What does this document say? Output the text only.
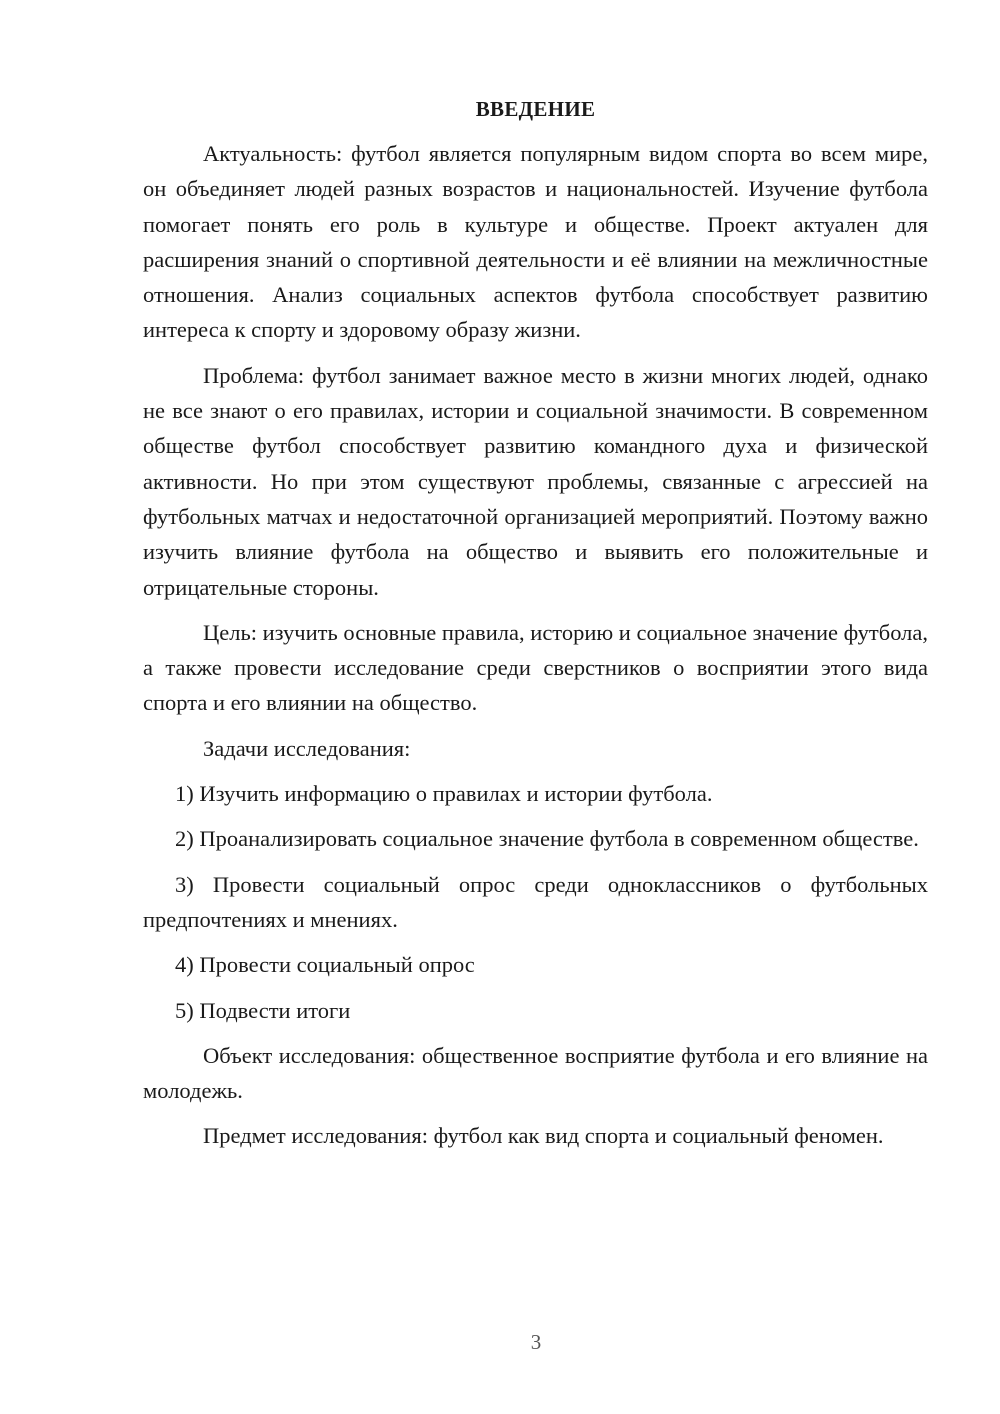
ВВЕДЕНИЕ

Актуальность: футбол является популярным видом спорта во всем мире, он объединяет людей разных возрастов и национальностей. Изучение футбола помогает понять его роль в культуре и обществе. Проект актуален для расширения знаний о спортивной деятельности и её влиянии на межличностные отношения. Анализ социальных аспектов футбола способствует развитию интереса к спорту и здоровому образу жизни.

Проблема: футбол занимает важное место в жизни многих людей, однако не все знают о его правилах, истории и социальной значимости. В современном обществе футбол способствует развитию командного духа и физической активности. Но при этом существуют проблемы, связанные с агрессией на футбольных матчах и недостаточной организацией мероприятий. Поэтому важно изучить влияние футбола на общество и выявить его положительные и отрицательные стороны.

Цель: изучить основные правила, историю и социальное значение футбола, а также провести исследование среди сверстников о восприятии этого вида спорта и его влиянии на общество.

Задачи исследования:

1) Изучить информацию о правилах и истории футбола.

2) Проанализировать социальное значение футбола в современном обществе.

3) Провести социальный опрос среди одноклассников о футбольных предпочтениях и мнениях.

4) Провести социальный опрос

5) Подвести итоги

Объект исследования: общественное восприятие футбола и его влияние на молодежь.

Предмет исследования: футбол как вид спорта и социальный феномен.

3
